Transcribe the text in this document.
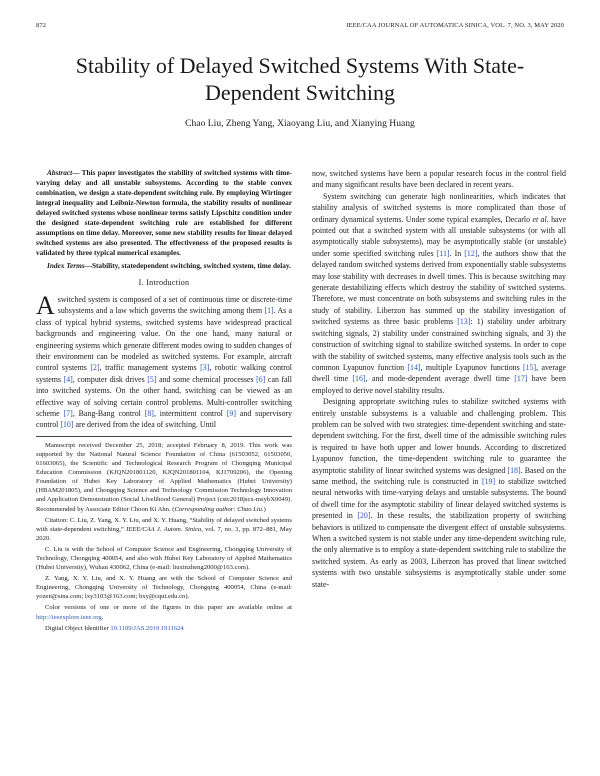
872	IEEE/CAA JOURNAL OF AUTOMATICA SINICA, VOL. 7, NO. 3, MAY 2020
Stability of Delayed Switched Systems With State-Dependent Switching
Chao Liu, Zheng Yang, Xiaoyang Liu, and Xianying Huang

Abstract— This paper investigates the stability of switched systems with time-varying delay and all unstable subsystems. According to the stable convex combination, we design a state-dependent switching rule. By employing Wirtinger integral inequality and Leibniz-Newton formula, the stability results of nonlinear delayed switched systems whose nonlinear terms satisfy Lipschitz condition under the designed state-dependent switching rule are established for different assumptions on time delay. Moreover, some new stability results for linear delayed switched systems are also presented. The effectiveness of the proposed results is validated by three typical numerical examples.

Index Terms—Stability, statedependent switching, switched system, time delay.

I. Introduction

A switched system is composed of a set of continuous time or discrete-time subsystems and a law which governs the switching among them [1]. As a class of typical hybrid systems, switched systems have widespread practical backgrounds and engineering value. On the one hand, many natural or engineering systems which generate different modes owing to sudden changes of their environment can be modeled as switched systems. For example, aircraft control systems [2], traffic management systems [3], robotic walking control systems [4], computer disk drives [5] and some chemical processes [6] can fall into switched systems. On the other hand, switching can be viewed as an effective way of solving certain control problems. Multi-controller switching scheme [7], Bang-Bang control [8], intermittent control [9] and supervisory control [10] are derived from the idea of switching. Until

Manuscript received December 25, 2018; accepted February 8, 2019. This work was supported by the National Natural Science Foundation of China (61503052, 61503050, 61603065), the Scientific and Technological Research Program of Chongqing Municipal Education Commission (KJQN201801120, KJQN201801104, KJ1709206), the Opening Foundation of Hubei Key Laboratory of Applied Mathematics (Hubei University) (HBAM201805), and Chongqing Science and Technology Commission Technology Innovation and Application Demonstration (Social Livelihood General) Project (cstc2018jscx-msybX0049). Recommended by Associate Editor Choon Ki Ahn. (Corresponding author: Chao Liu.)

Citation: C. Liu, Z. Yang, X. Y. Liu, and X. Y. Huang, “Stability of delayed switched systems with state-dependent switching,” IEEE/CAA J. Autom. Sinica, vol. 7, no. 3, pp. 872–881, May 2020.

C. Liu is with the School of Computer Science and Engineering, Chongqing University of Technology, Chongqing 400054, and also with Hubei Key Laboratory of Applied Mathematics (Hubei University), Wuhan 430062, China (e-mail: liuxinzheng2000@163.com).

Z. Yang, X. Y. Liu, and X. Y. Huang are with the School of Computer Science and Engineering, Chongqing University of Technology, Chongqing 400054, China (e-mail: yozen@sina.com; lxy3103@163.com; hxy@cqut.edu.cn).

Color versions of one or more of the figures in this paper are available online at http://ieeexplore.ieee.org.

Digital Object Identifier 10.1109/JAS.2019.1911624

now, switched systems have been a popular research focus in the control field and many significant results have been declared in recent years.

System switching can generate high nonlinearities, which indicates that stability analysis of switched systems is more complicated than those of ordinary dynamical systems. Under some typical examples, Decarlo et al. have pointed out that a switched system with all unstable subsystems (or with all asymptotically stable subsystems), may be asymptotically stable (or unstable) under some specified switching rules [11]. In [12], the authors show that the delayed random switched systems derived from exponentially stable subsystems may lose stability with decreases in dwell times. This is because switching may generate destabilizing effects which destroy the stability of switched systems. Therefore, we must concentrate on both subsystems and switching rules in the study of stability. Liberzon has summed up the stability investigation of switched systems as three basic problems [13]: 1) stability under arbitrary switching signals, 2) stability under constrained switching signals, and 3) the construction of switching signal to stabilize switched systems. In order to cope with the stability of switched systems, many effective analysis tools such as the common Lyapunov function [14], multiple Lyapunov functions [15], average dwell time [16], and mode-dependent average dwell time [17] have been employed to derive novel stability results.

Designing appropriate switching rules to stabilize switched systems with entirely unstable subsystems is a valuable and challenging problem. This problem can be solved with two strategies: time-dependent switching and state-dependent switching. For the first, dwell time of the admissible switching rules is required to have both upper and lower bounds. According to discretized Lyapunov function, the time-dependent switching rule to guarantee the asymptotic stability of linear switched systems was designed [18]. Based on the same method, the switching rule is constructed in [19] to stabilize switched neural networks with time-varying delays and unstable subsystems. The bound of dwell time for the asymptotic stability of linear delayed switched systems is presented in [20]. In these results, the stabilization property of switching behaviors is utilized to compensate the divergent effect of unstable subsystems. When a switched system is not stable under any time-dependent switching rule, the only alternative is to employ a state-dependent switching rule to stabilize the switched system. As early as 2003, Liberzon has proved that linear switched systems with two unstable subsystems is asymptotically stable under some state-
